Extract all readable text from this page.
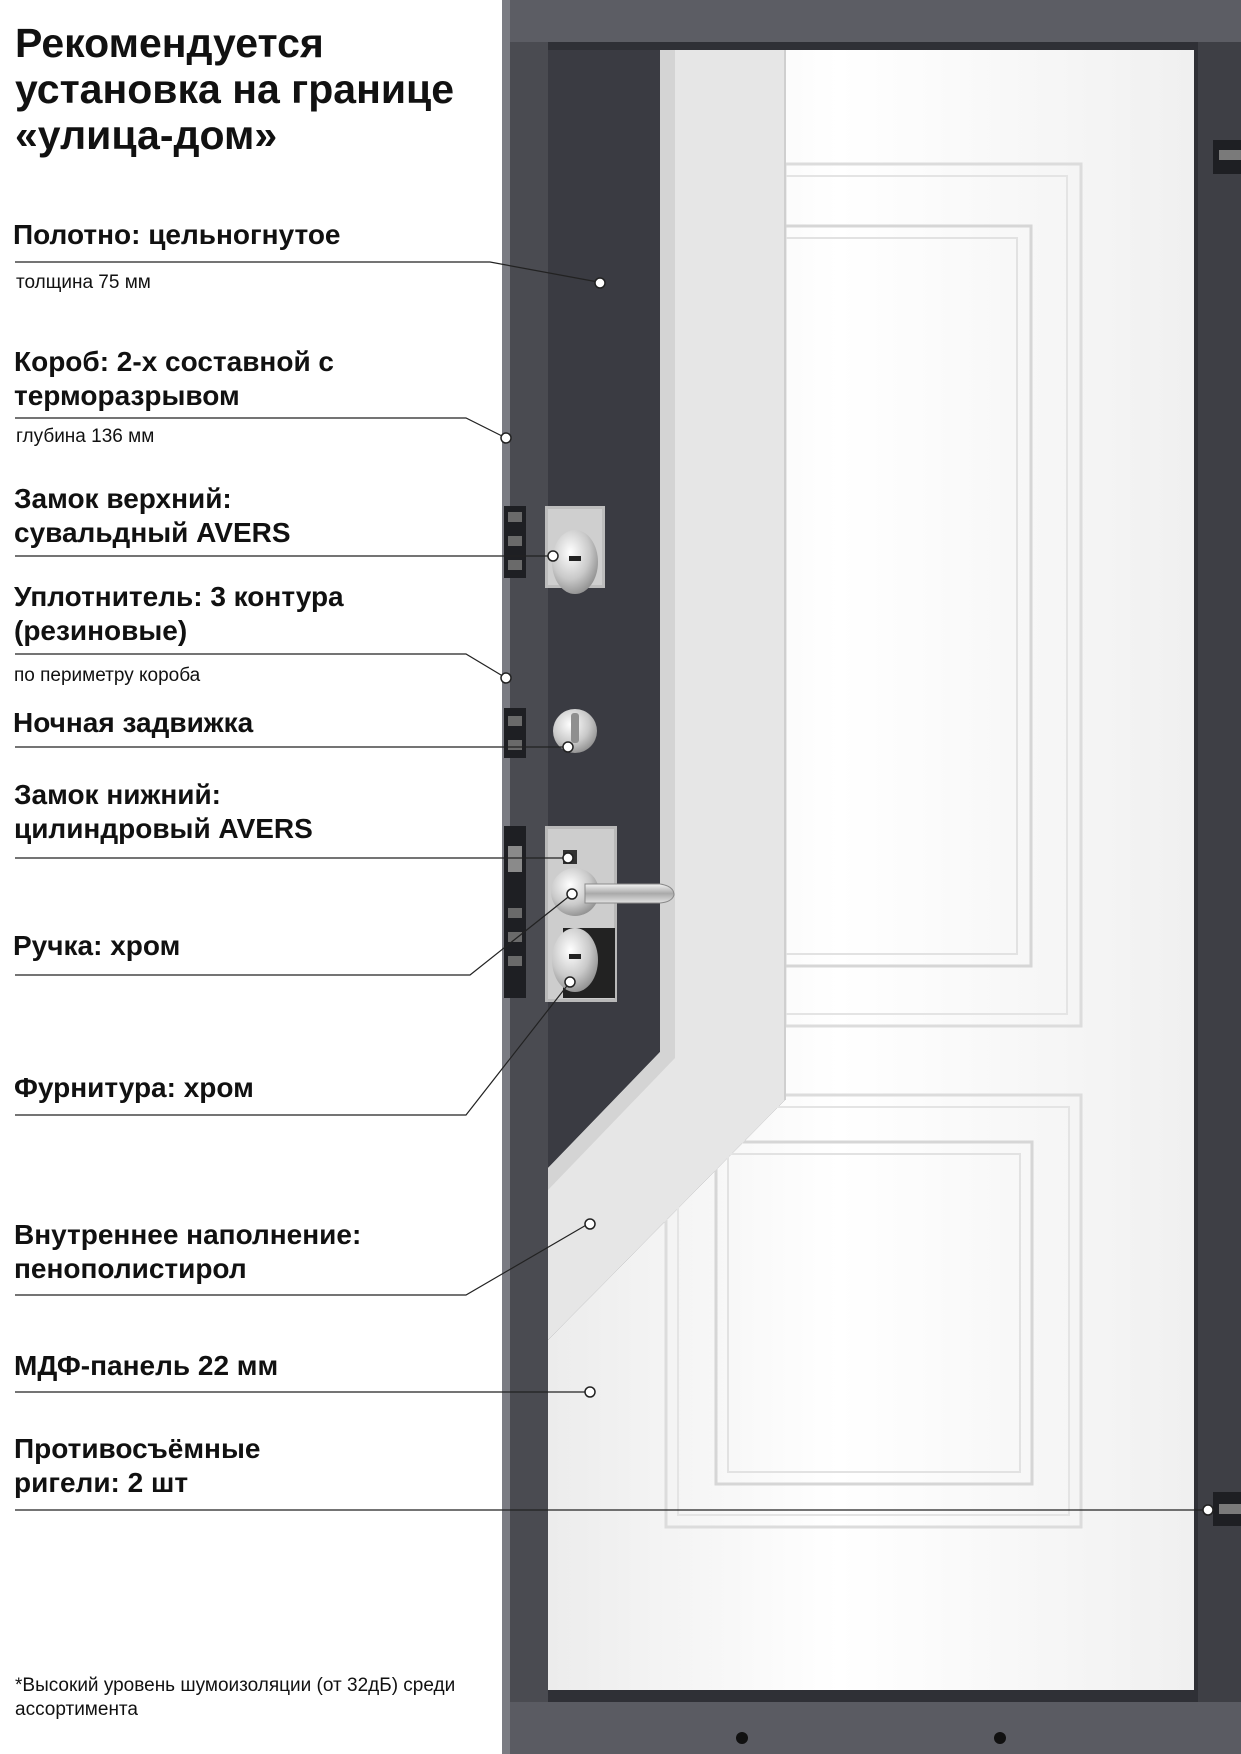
Рекомендуется установка на границе «улица-дом»
Полотно: цельногнутое
толщина 75 мм
Короб: 2-х составной с терморазрывом
глубина 136 мм
Замок верхний: сувальдный AVERS
Уплотнитель: 3 контура (резиновые)
по периметру короба
Ночная задвижка
Замок нижний: цилиндровый AVERS
Ручка: хром
Фурнитура: хром
Внутреннее наполнение: пенополистирол
МДФ-панель 22 мм
Противосъёмные ригели: 2 шт
*Высокий уровень шумоизоляции (от 32дБ) среди ассортимента
